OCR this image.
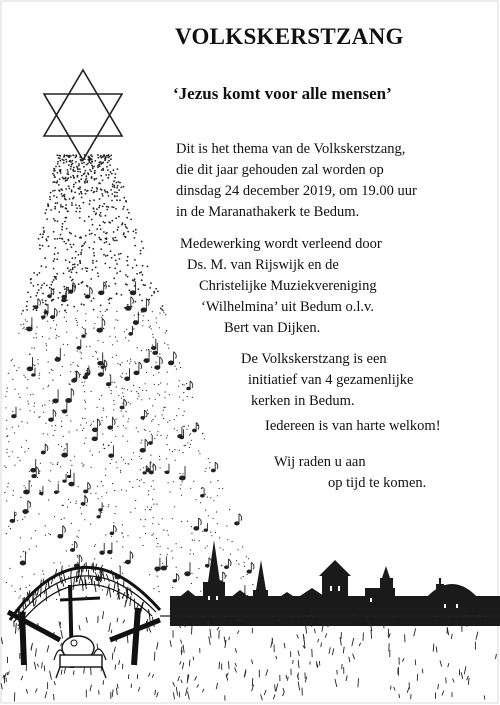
VOLKSKERSTZANG
‘Jezus komt voor alle mensen’
Dit is het thema van de Volkskerstzang,
die dit jaar gehouden zal worden op
dinsdag 24 december 2019, om 19.00 uur
in de Maranathakerk te Bedum.
Medewerking wordt verleend door
Ds. M. van Rijswijk en de
Christelijke Muziekvereniging
‘Wilhelmina’ uit Bedum o.l.v.
Bert van Dijken.
De Volkskerstzang is een
initiatief van 4 gezamenlijke
kerken in Bedum.
Iedereen is van harte welkom!
Wij raden u aan
op tijd te komen.
